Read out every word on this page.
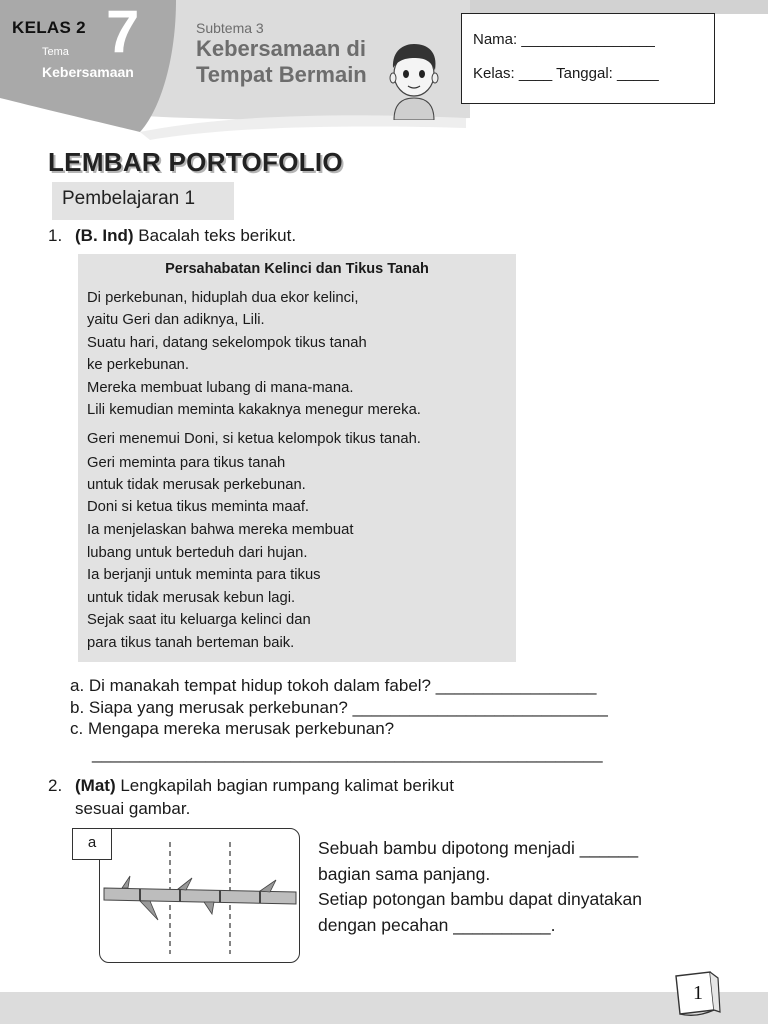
KELAS 2 7
Tema
Kebersamaan
Subtema 3
Kebersamaan di
Tempat Bermain
Nama: ________________
Kelas: ____ Tanggal: _____
LEMBAR PORTOFOLIO
Pembelajaran 1
1. (B. Ind) Bacalah teks berikut.
Persahabatan Kelinci dan Tikus Tanah
Di perkebunan, hiduplah dua ekor kelinci,
yaitu Geri dan adiknya, Lili.
Suatu hari, datang sekelompok tikus tanah
ke perkebunan.
Mereka membuat lubang di mana-mana.
Lili kemudian meminta kakaknya menegur mereka.
Geri menemui Doni, si ketua kelompok tikus tanah.
Geri meminta para tikus tanah
untuk tidak merusak perkebunan.
Doni si ketua tikus meminta maaf.
Ia menjelaskan bahwa mereka membuat
lubang untuk berteduh dari hujan.
Ia berjanji untuk meminta para tikus
untuk tidak merusak kebun lagi.
Sejak saat itu keluarga kelinci dan
para tikus tanah berteman baik.
a. Di manakah tempat hidup tokoh dalam fabel? _________________
b. Siapa yang merusak perkebunan? ___________________________
c. Mengapa mereka merusak perkebunan?
______________________________________________________
2. (Mat) Lengkapilah bagian rumpang kalimat berikut
sesuai gambar.
a	Sebuah bambu dipotong menjadi ______
bagian sama panjang.
Setiap potongan bambu dapat dinyatakan
dengan pecahan __________.
1
